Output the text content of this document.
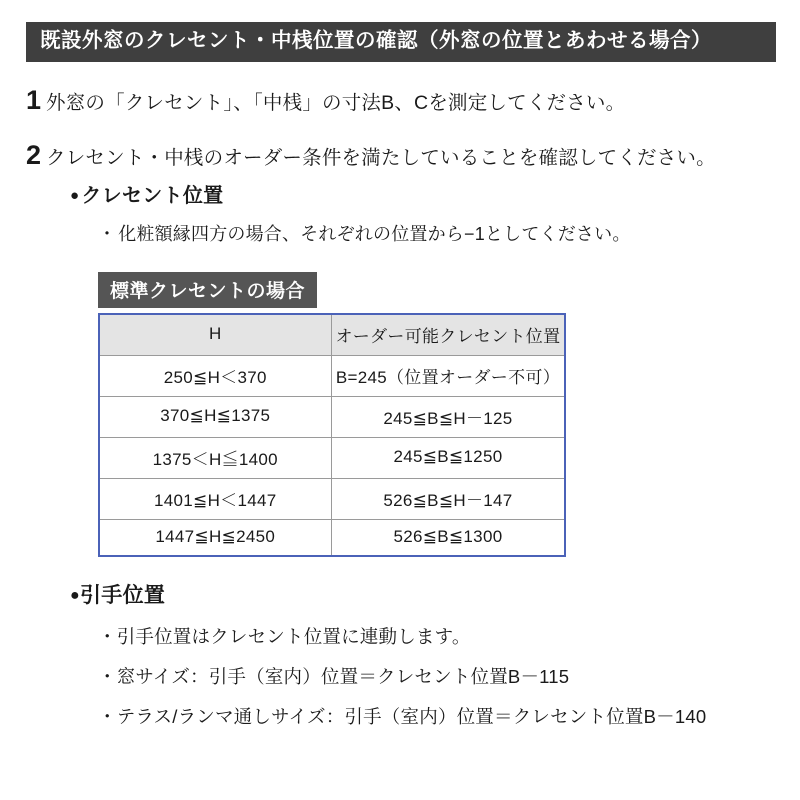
既設外窓のクレセント・中桟位置の確認（外窓の位置とあわせる場合）
1 外窓の「クレセント」、「中桟」の寸法B、Cを測定してください。
2 クレセント・中桟のオーダー条件を満たしていることを確認してください。
● クレセント位置
・ 化粧額縁四方の場合、それぞれの位置から−1としてください。
標準クレセントの場合
H	オーダー可能クレセント位置
250≦H＜370	B=245（位置オーダー不可）
370≦H≦1375	245≦B≦H－125
1375＜H≦1400	245≦B≦1250
1401≦H＜1447	526≦B≦H－147
1447≦H≦2450	526≦B≦1300
●引手位置
・引手位置はクレセント位置に連動します。
・窓サイズ：引手（室内）位置＝クレセント位置B－115
・テラス/ランマ通しサイズ：引手（室内）位置＝クレセント位置B－140
